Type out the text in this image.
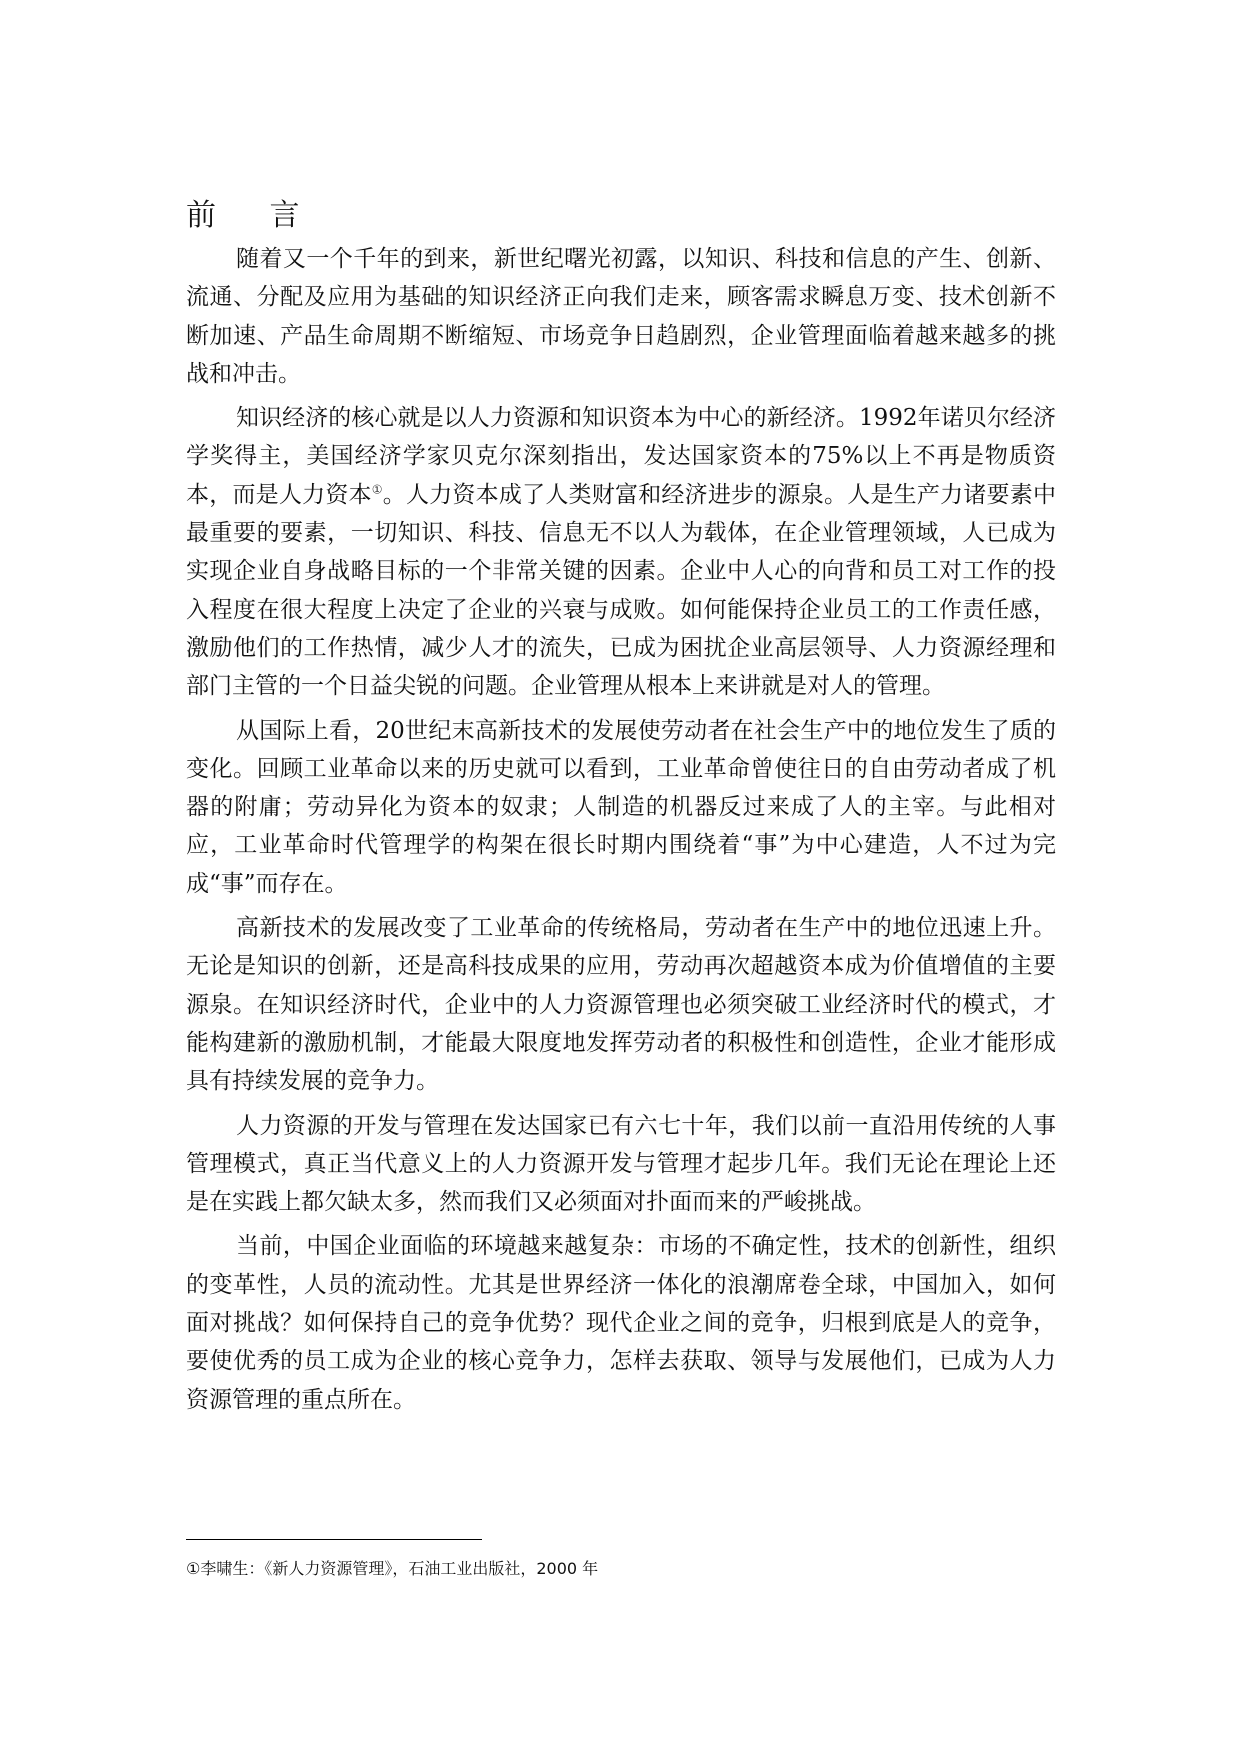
前 言

随着又一个千年的到来，新世纪曙光初露，以知识、科技和信息的产生、创新、流通、分配及应用为基础的知识经济正向我们走来，顾客需求瞬息万变、技术创新不断加速、产品生命周期不断缩短、市场竞争日趋剧烈，企业管理面临着越来越多的挑战和冲击。

知识经济的核心就是以人力资源和知识资本为中心的新经济。1992年诺贝尔经济学奖得主，美国经济学家贝克尔深刻指出，发达国家资本的75%以上不再是物质资本，而是人力资本①。人力资本成了人类财富和经济进步的源泉。人是生产力诸要素中最重要的要素，一切知识、科技、信息无不以人为载体，在企业管理领域，人已成为实现企业自身战略目标的一个非常关键的因素。企业中人心的向背和员工对工作的投入程度在很大程度上决定了企业的兴衰与成败。如何能保持企业员工的工作责任感，激励他们的工作热情，减少人才的流失，已成为困扰企业高层领导、人力资源经理和部门主管的一个日益尖锐的问题。企业管理从根本上来讲就是对人的管理。

从国际上看，20世纪末高新技术的发展使劳动者在社会生产中的地位发生了质的变化。回顾工业革命以来的历史就可以看到，工业革命曾使往日的自由劳动者成了机器的附庸；劳动异化为资本的奴隶；人制造的机器反过来成了人的主宰。与此相对应，工业革命时代管理学的构架在很长时期内围绕着“事”为中心建造，人不过为完成“事”而存在。

高新技术的发展改变了工业革命的传统格局，劳动者在生产中的地位迅速上升。无论是知识的创新，还是高科技成果的应用，劳动再次超越资本成为价值增值的主要源泉。在知识经济时代，企业中的人力资源管理也必须突破工业经济时代的模式，才能构建新的激励机制，才能最大限度地发挥劳动者的积极性和创造性，企业才能形成具有持续发展的竞争力。

人力资源的开发与管理在发达国家已有六七十年，我们以前一直沿用传统的人事管理模式，真正当代意义上的人力资源开发与管理才起步几年。我们无论在理论上还是在实践上都欠缺太多，然而我们又必须面对扑面而来的严峻挑战。

当前，中国企业面临的环境越来越复杂：市场的不确定性，技术的创新性，组织的变革性，人员的流动性。尤其是世界经济一体化的浪潮席卷全球，中国加入，如何面对挑战？如何保持自己的竞争优势？现代企业之间的竞争，归根到底是人的竞争，要使优秀的员工成为企业的核心竞争力，怎样去获取、领导与发展他们，已成为人力资源管理的重点所在。

①李啸生：《新人力资源管理》，石油工业出版社，2000 年
